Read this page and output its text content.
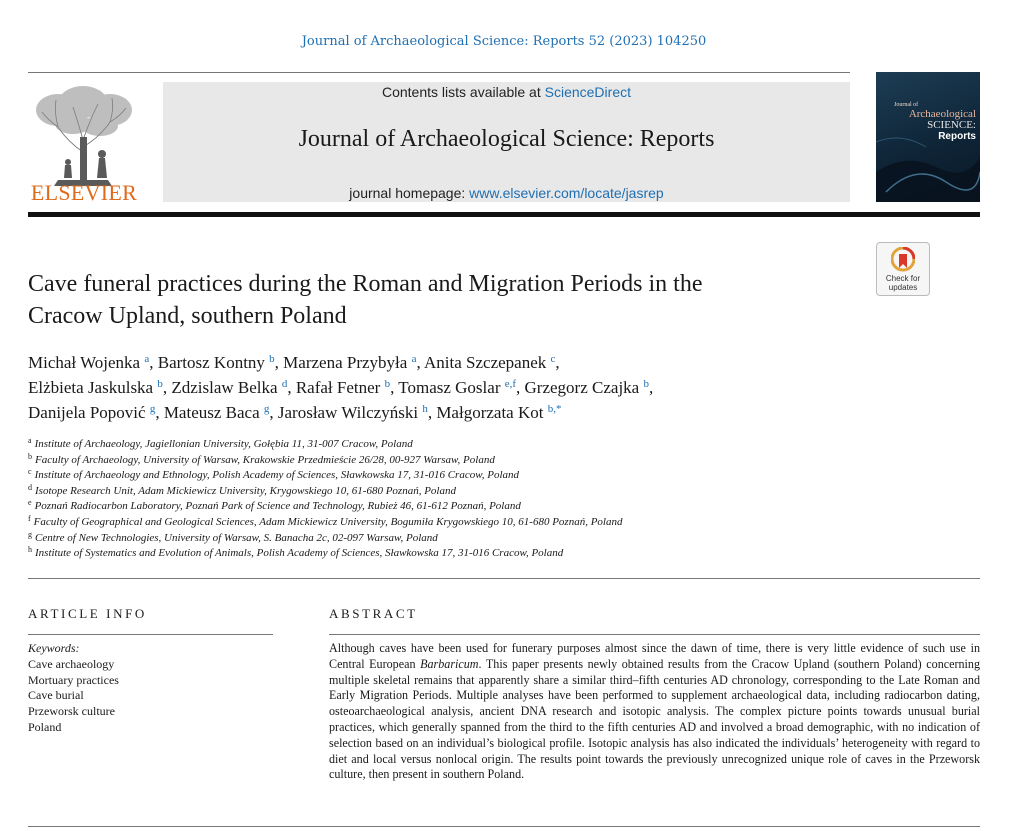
Journal of Archaeological Science: Reports 52 (2023) 104250
ELSEVIER
Contents lists available at ScienceDirect
Journal of Archaeological Science: Reports
journal homepage: www.elsevier.com/locate/jasrep
Journal of
Archaeological
SCIENCE:
Reports
Check for
updates
Cave funeral practices during the Roman and Migration Periods in the
Cracow Upland, southern Poland
Michał Wojenka $^a$, Bartosz Kontny $^b$, Marzena Przybyła $^a$, Anita Szczepanek $^c$,
Elżbieta Jaskulska $^b$, Zdzislaw Belka $^d$, Rafał Fetner $^b$, Tomasz Goslar $^{e,f}$, Grzegorz Czajka $^b$,
Danijela Popović $^g$, Mateusz Baca $^g$, Jarosław Wilczyński $^h$, Małgorzata Kot $^{b,*}$
$^a$ Institute of Archaeology, Jagiellonian University, Gołębia 11, 31-007 Cracow, Poland
$^b$ Faculty of Archaeology, University of Warsaw, Krakowskie Przedmieście 26/28, 00-927 Warsaw, Poland
$^c$ Institute of Archaeology and Ethnology, Polish Academy of Sciences, Sławkowska 17, 31-016 Cracow, Poland
$^d$ Isotope Research Unit, Adam Mickiewicz University, Krygowskiego 10, 61-680 Poznań, Poland
$^e$ Poznań Radiocarbon Laboratory, Poznań Park of Science and Technology, Rubież 46, 61-612 Poznań, Poland
$^f$ Faculty of Geographical and Geological Sciences, Adam Mickiewicz University, Bogumiła Krygowskiego 10, 61-680 Poznań, Poland
$^g$ Centre of New Technologies, University of Warsaw, S. Banacha 2c, 02-097 Warsaw, Poland
$^h$ Institute of Systematics and Evolution of Animals, Polish Academy of Sciences, Sławkowska 17, 31-016 Cracow, Poland
ARTICLE INFO
Keywords:
Cave archaeology
Mortuary practices
Cave burial
Przeworsk culture
Poland
ABSTRACT

Although caves have been used for funerary purposes almost since the dawn of time, there is very little evidence of such use in Central European Barbaricum. This paper presents newly obtained results from the Cracow Upland (southern Poland) concerning multiple skeletal remains that apparently share a similar third–fifth centuries AD chronology, corresponding to the Late Roman and Early Migration Periods. Multiple analyses have been performed to supplement archaeological data, including radiocarbon dating, osteoarchaeological analysis, ancient DNA research and isotopic analysis. The complex picture points towards unusual burial practices, which generally spanned from the third to the fifth centuries AD and involved a broad demographic, with no indication of selection based on an individual’s biological profile. Isotopic analysis has also indicated the individuals’ heterogeneity with regard to diet and local versus nonlocal origin. The results point towards the previously unrecognized unique role of caves in the Przeworsk culture, then present in southern Poland.
